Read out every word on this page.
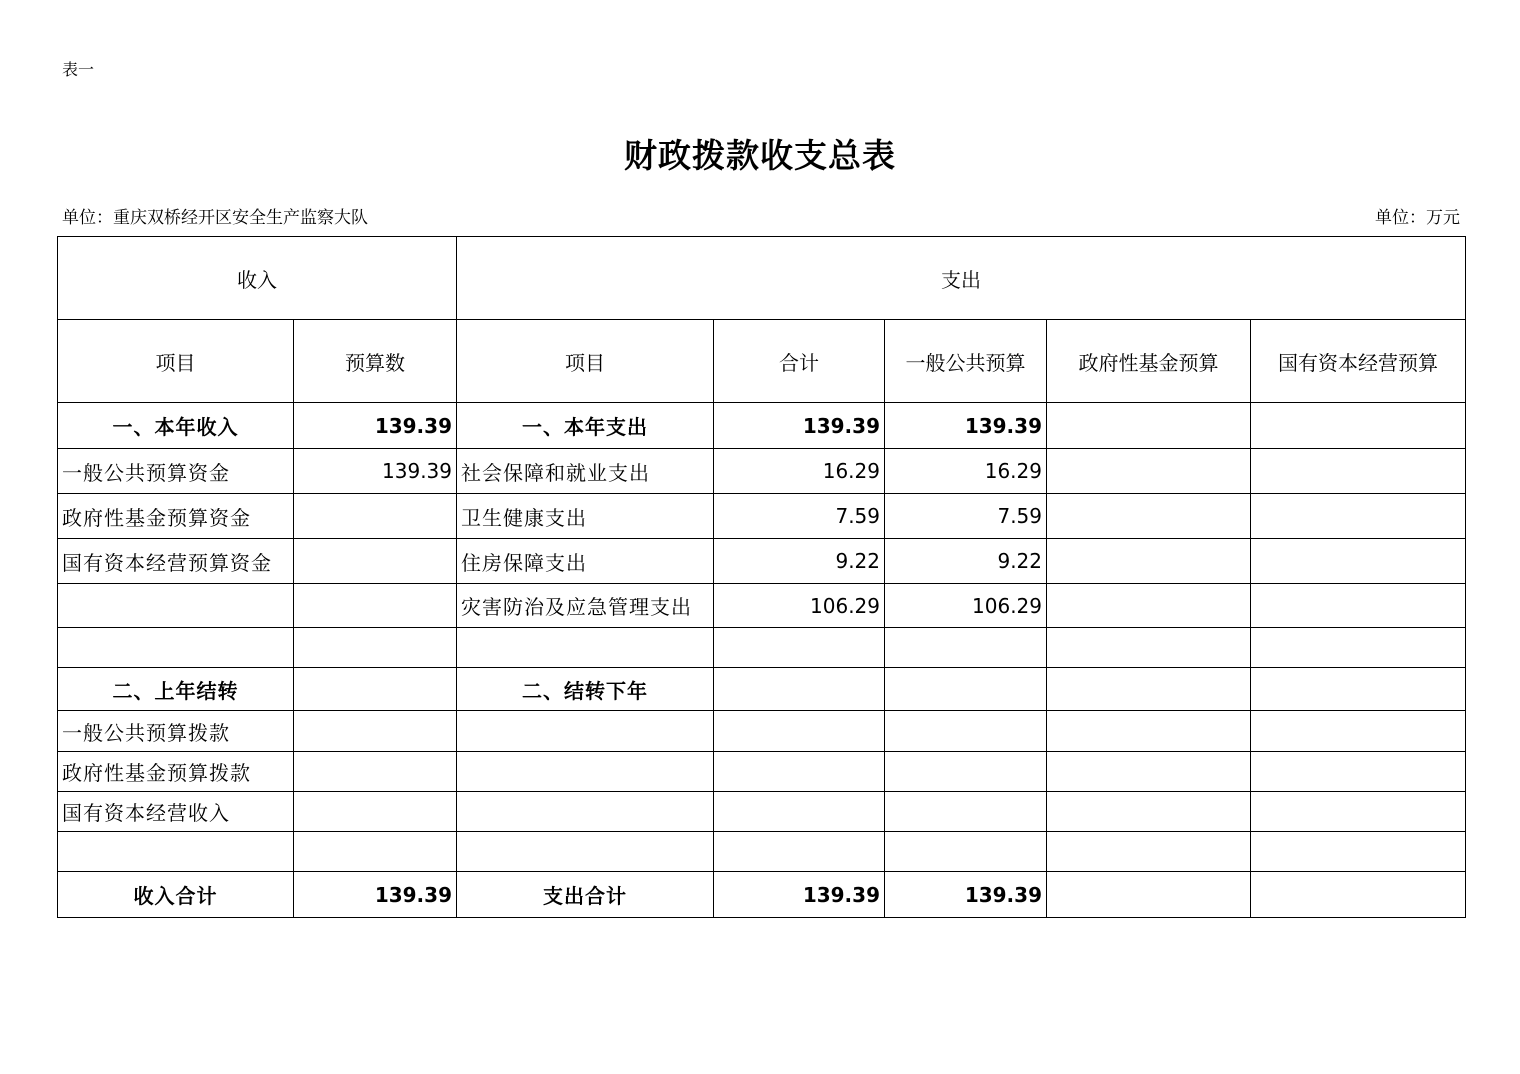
表一
财政拨款收支总表
单位：重庆双桥经开区安全生产监察大队	单位：万元
收入		支出				
项目	预算数	项目	合计	一般公共预算	政府性基金预算	国有资本经营预算
一、本年收入	139.39	一、本年支出	139.39	139.39		
一般公共预算资金	139.39	社会保障和就业支出	16.29	16.29		
政府性基金预算资金		卫生健康支出	7.59	7.59		
国有资本经营预算资金		住房保障支出	9.22	9.22		
		灾害防治及应急管理支出	106.29	106.29		

二、上年结转		二、结转下年				
一般公共预算拨款						
政府性基金预算拨款						
国有资本经营收入						

收入合计	139.39	支出合计	139.39	139.39		
